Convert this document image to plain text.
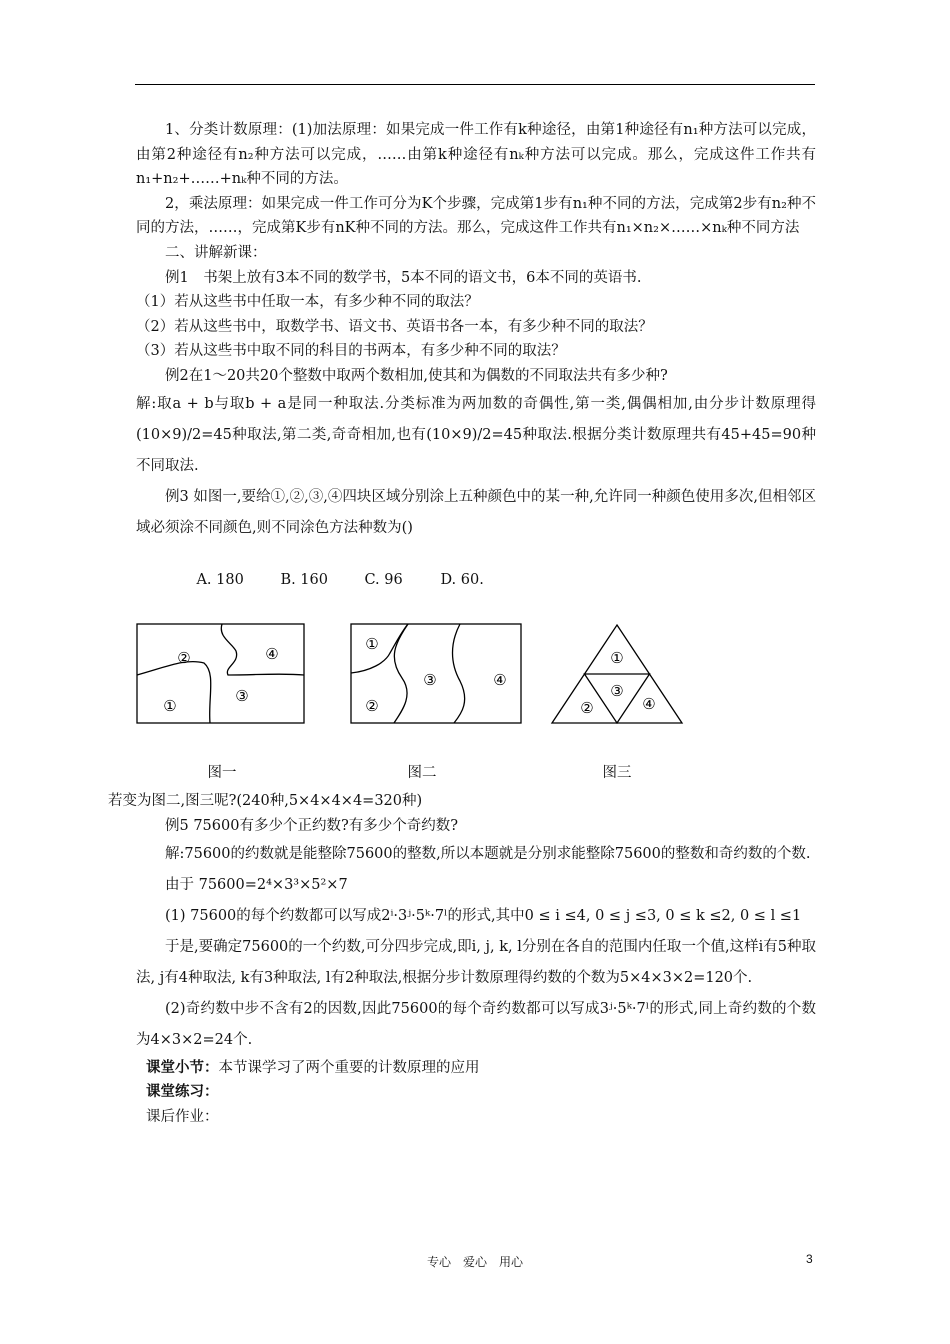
1、分类计数原理：(1)加法原理：如果完成一件工作有k种途径，由第1种途径有n₁种方法可以完成，由第2种途径有n₂种方法可以完成，……由第k种途径有nₖ种方法可以完成。那么，完成这件工作共有n₁+n₂+……+nₖ种不同的方法。

2，乘法原理：如果完成一件工作可分为K个步骤，完成第1步有n₁种不同的方法，完成第2步有n₂种不同的方法，……，完成第K步有nK种不同的方法。那么，完成这件工作共有n₁×n₂×……×nₖ种不同方法

二、讲解新课：

例1　书架上放有3本不同的数学书，5本不同的语文书，6本不同的英语书.

（1）若从这些书中任取一本，有多少种不同的取法？

（2）若从这些书中，取数学书、语文书、英语书各一本，有多少种不同的取法？

（3）若从这些书中取不同的科目的书两本，有多少种不同的取法？

例2在1～20共20个整数中取两个数相加,使其和为偶数的不同取法共有多少种?

解:取a + b与取b + a是同一种取法.分类标准为两加数的奇偶性,第一类,偶偶相加,由分步计数原理得(10×9)/2=45种取法,第二类,奇奇相加,也有(10×9)/2=45种取法.根据分类计数原理共有45+45=90种不同取法.

例3 如图一,要给①,②,③,④四块区域分别涂上五种颜色中的某一种,允许同一种颜色使用多次,但相邻区域必须涂不同颜色,则不同涂色方法种数为()

A. 180	B. 160	C. 96	D. 60.

②	④
③
①
图一
①
③	④
②
图二
①
③
②	④
图三

若变为图二,图三呢?(240种,5×4×4×4=320种)

例5 75600有多少个正约数?有多少个奇约数?

解:75600的约数就是能整除75600的整数,所以本题就是分别求能整除75600的整数和奇约数的个数.

由于 75600=2⁴×3³×5²×7

(1) 75600的每个约数都可以写成2ⁱ·3ʲ·5ᵏ·7ˡ的形式,其中0 ≤ i ≤4, 0 ≤ j ≤3, 0 ≤ k ≤2, 0 ≤ l ≤1

于是,要确定75600的一个约数,可分四步完成,即i, j, k, l分别在各自的范围内任取一个值,这样i有5种取法, j有4种取法, k有3种取法, l有2种取法,根据分步计数原理得约数的个数为5×4×3×2=120个.

(2)奇约数中步不含有2的因数,因此75600的每个奇约数都可以写成3ʲ·5ᵏ·7ˡ的形式,同上奇约数的个数为4×3×2=24个.

课堂小节：本节课学习了两个重要的计数原理的应用

课堂练习：

课后作业：

专心　爱心　用心	3
